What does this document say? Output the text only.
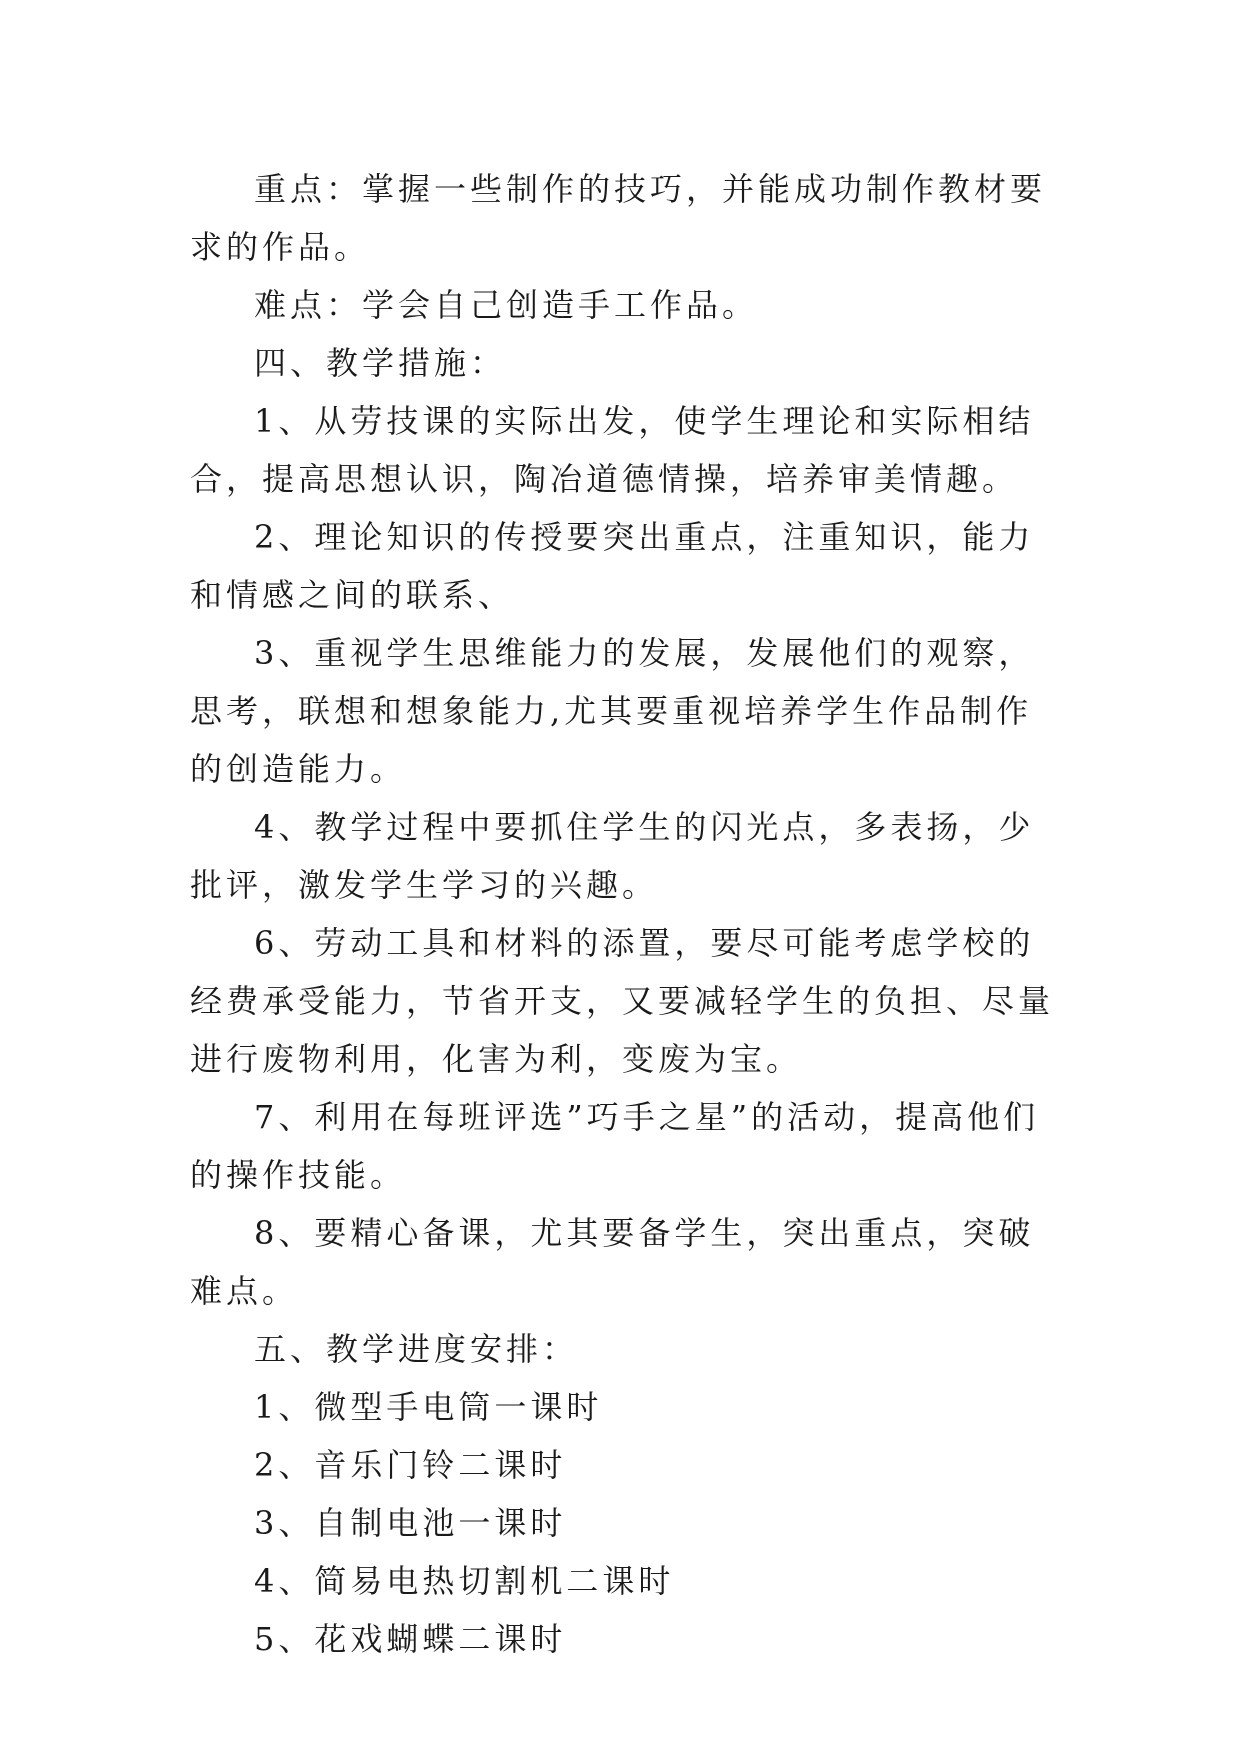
重点：掌握一些制作的技巧，并能成功制作教材要求的作品。

难点：学会自己创造手工作品。

四、教学措施：

1、从劳技课的实际出发，使学生理论和实际相结合，提高思想认识，陶冶道德情操，培养审美情趣。

2、理论知识的传授要突出重点，注重知识，能力和情感之间的联系、

3、重视学生思维能力的发展，发展他们的观察，思考，联想和想象能力,尤其要重视培养学生作品制作的创造能力。

4、教学过程中要抓住学生的闪光点，多表扬，少批评，激发学生学习的兴趣。

6、劳动工具和材料的添置，要尽可能考虑学校的经费承受能力，节省开支，又要减轻学生的负担、尽量进行废物利用，化害为利，变废为宝。

7、利用在每班评选”巧手之星”的活动，提高他们的操作技能。

8、要精心备课，尤其要备学生，突出重点，突破难点。

五、教学进度安排：

1、微型手电筒一课时

2、音乐门铃二课时

3、自制电池一课时

4、简易电热切割机二课时

5、花戏蝴蝶二课时
